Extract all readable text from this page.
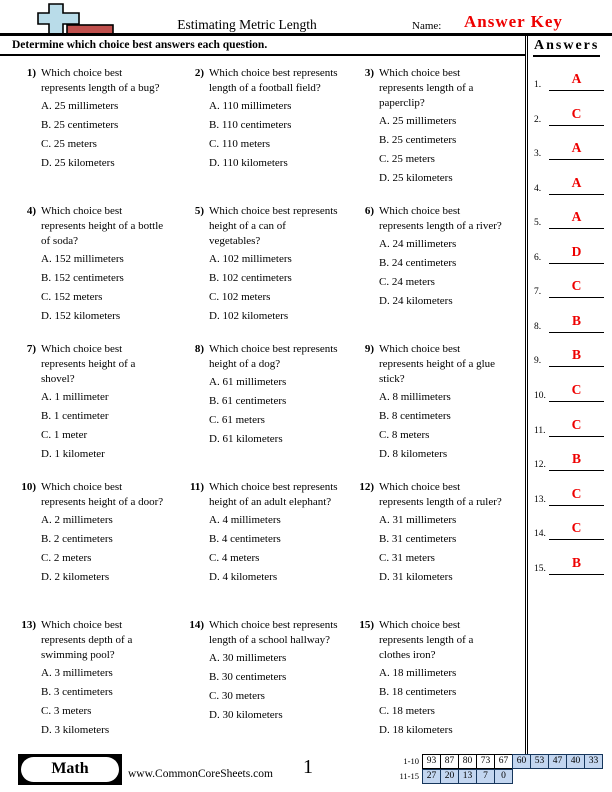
Estimating Metric Length	Name: Answer Key
Determine which choice best answers each question.	Answers
1.	A
2.	C
3.	A
4.	A
5.	A
6.	D
7.	C
8.	B
9.	B
10.	C
11.	C
12.	B
13.	C
14.	C
15.	B
1) Which choice best
represents length of a bug?
A. 25 millimeters
B. 25 centimeters
C. 25 meters
D. 25 kilometers
2) Which choice best represents
length of a football field?
A. 110 millimeters
B. 110 centimeters
C. 110 meters
D. 110 kilometers
3) Which choice best
represents length of a
paperclip?
A. 25 millimeters
B. 25 centimeters
C. 25 meters
D. 25 kilometers
4) Which choice best
represents height of a bottle
of soda?
A. 152 millimeters
B. 152 centimeters
C. 152 meters
D. 152 kilometers
5) Which choice best represents
height of a can of
vegetables?
A. 102 millimeters
B. 102 centimeters
C. 102 meters
D. 102 kilometers
6) Which choice best
represents length of a river?
A. 24 millimeters
B. 24 centimeters
C. 24 meters
D. 24 kilometers
7) Which choice best
represents height of a
shovel?
A. 1 millimeter
B. 1 centimeter
C. 1 meter
D. 1 kilometer
8) Which choice best represents
height of a dog?
A. 61 millimeters
B. 61 centimeters
C. 61 meters
D. 61 kilometers
9) Which choice best
represents height of a glue
stick?
A. 8 millimeters
B. 8 centimeters
C. 8 meters
D. 8 kilometers
10) Which choice best
represents height of a door?
A. 2 millimeters
B. 2 centimeters
C. 2 meters
D. 2 kilometers
11) Which choice best represents
height of an adult elephant?
A. 4 millimeters
B. 4 centimeters
C. 4 meters
D. 4 kilometers
12) Which choice best
represents length of a ruler?
A. 31 millimeters
B. 31 centimeters
C. 31 meters
D. 31 kilometers
13) Which choice best
represents depth of a
swimming pool?
A. 3 millimeters
B. 3 centimeters
C. 3 meters
D. 3 kilometers
14) Which choice best represents
length of a school hallway?
A. 30 millimeters
B. 30 centimeters
C. 30 meters
D. 30 kilometers
15) Which choice best
represents length of a
clothes iron?
A. 18 millimeters
B. 18 centimeters
C. 18 meters
D. 18 kilometers
Math	www.CommonCoreSheets.com	1	1-10 93 87 80 73 67 60 53 47 40 33
11-15 27 20 13	7	0
